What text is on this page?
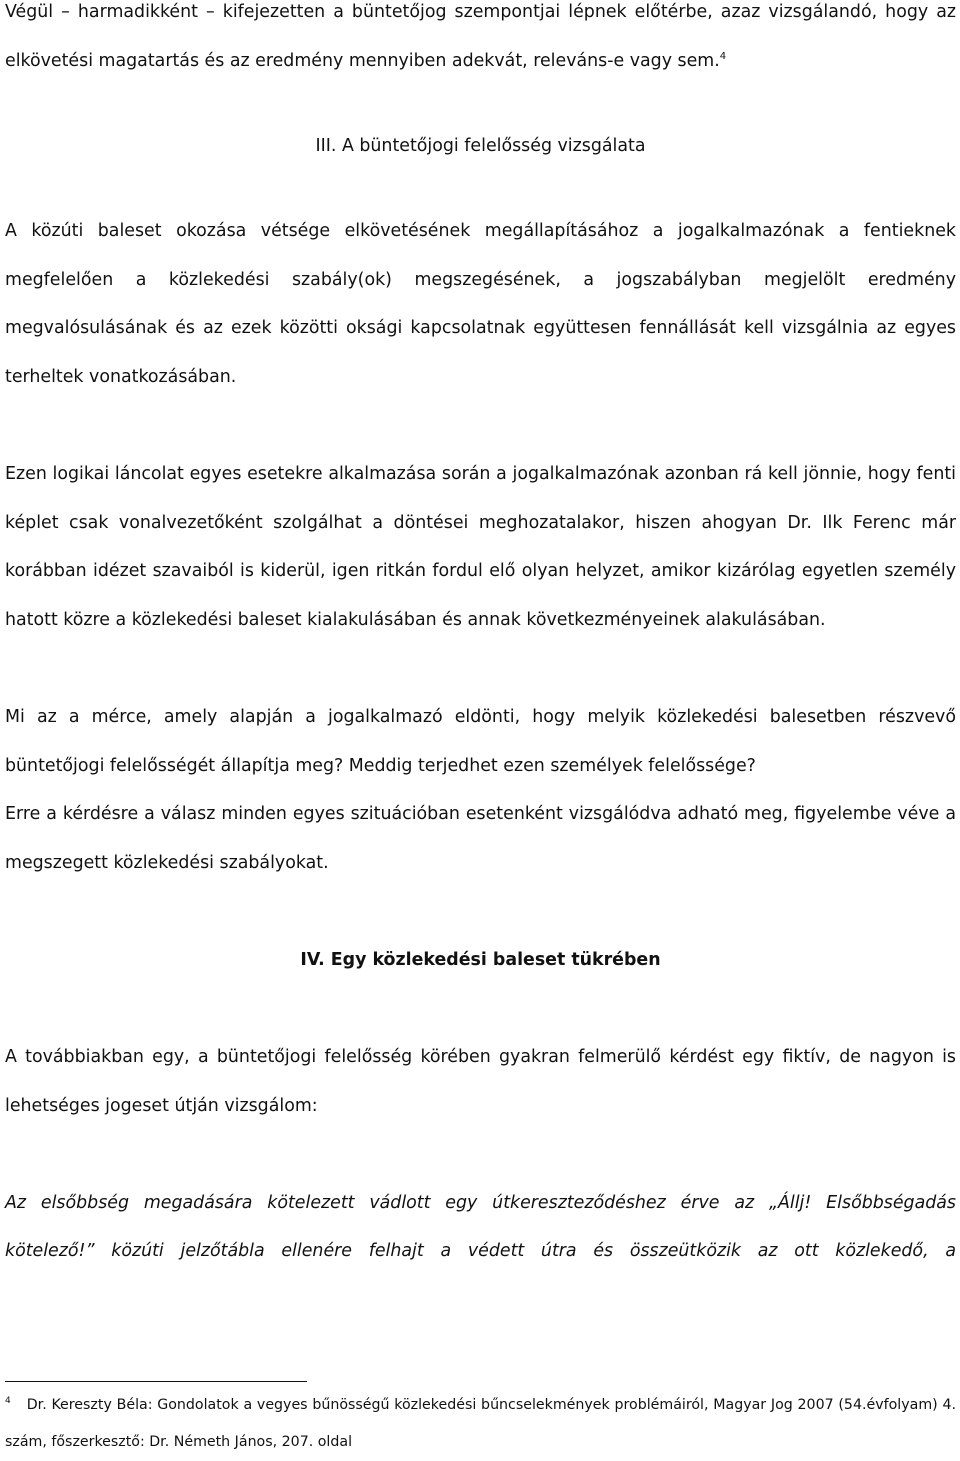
Végül – harmadikként – kifejezetten a büntetőjog szempontjai lépnek előtérbe, azaz vizsgálandó, hogy az elkövetési magatartás és az eredmény mennyiben adekvát, releváns-e vagy sem.$^4$

III. A büntetőjogi felelősség vizsgálata

A közúti baleset okozása vétsége elkövetésének megállapításához a jogalkalmazónak a fentieknek megfelelően a közlekedési szabály(ok) megszegésének, a jogszabályban megjelölt eredmény megvalósulásának és az ezek közötti oksági kapcsolatnak együttesen fennállását kell vizsgálnia az egyes terheltek vonatkozásában.

Ezen logikai láncolat egyes esetekre alkalmazása során a jogalkalmazónak azonban rá kell jönnie, hogy fenti képlet csak vonalvezetőként szolgálhat a döntései meghozatalakor, hiszen ahogyan Dr. Ilk Ferenc már korábban idézet szavaiból is kiderül, igen ritkán fordul elő olyan helyzet, amikor kizárólag egyetlen személy hatott közre a közlekedési baleset kialakulásában és annak következményeinek alakulásában.

Mi az a mérce, amely alapján a jogalkalmazó eldönti, hogy melyik közlekedési balesetben részvevő büntetőjogi felelősségét állapítja meg? Meddig terjedhet ezen személyek felelőssége?

Erre a kérdésre a válasz minden egyes szituációban esetenként vizsgálódva adható meg, figyelembe véve a megszegett közlekedési szabályokat.

IV. Egy közlekedési baleset tükrében

A továbbiakban egy, a büntetőjogi felelősség körében gyakran felmerülő kérdést egy fiktív, de nagyon is lehetséges jogeset útján vizsgálom:

Az elsőbbség megadására kötelezett vádlott egy útkereszteződéshez érve az „Állj! Elsőbbségadás kötelező!” közúti jelzőtábla ellenére felhajt a védett útra és összeütközik az ott közlekedő, a

$^4$ Dr. Kereszty Béla: Gondolatok a vegyes bűnösségű közlekedési bűncselekmények problémáiról, Magyar Jog 2007 (54.évfolyam) 4. szám, főszerkesztő: Dr. Németh János, 207. oldal
